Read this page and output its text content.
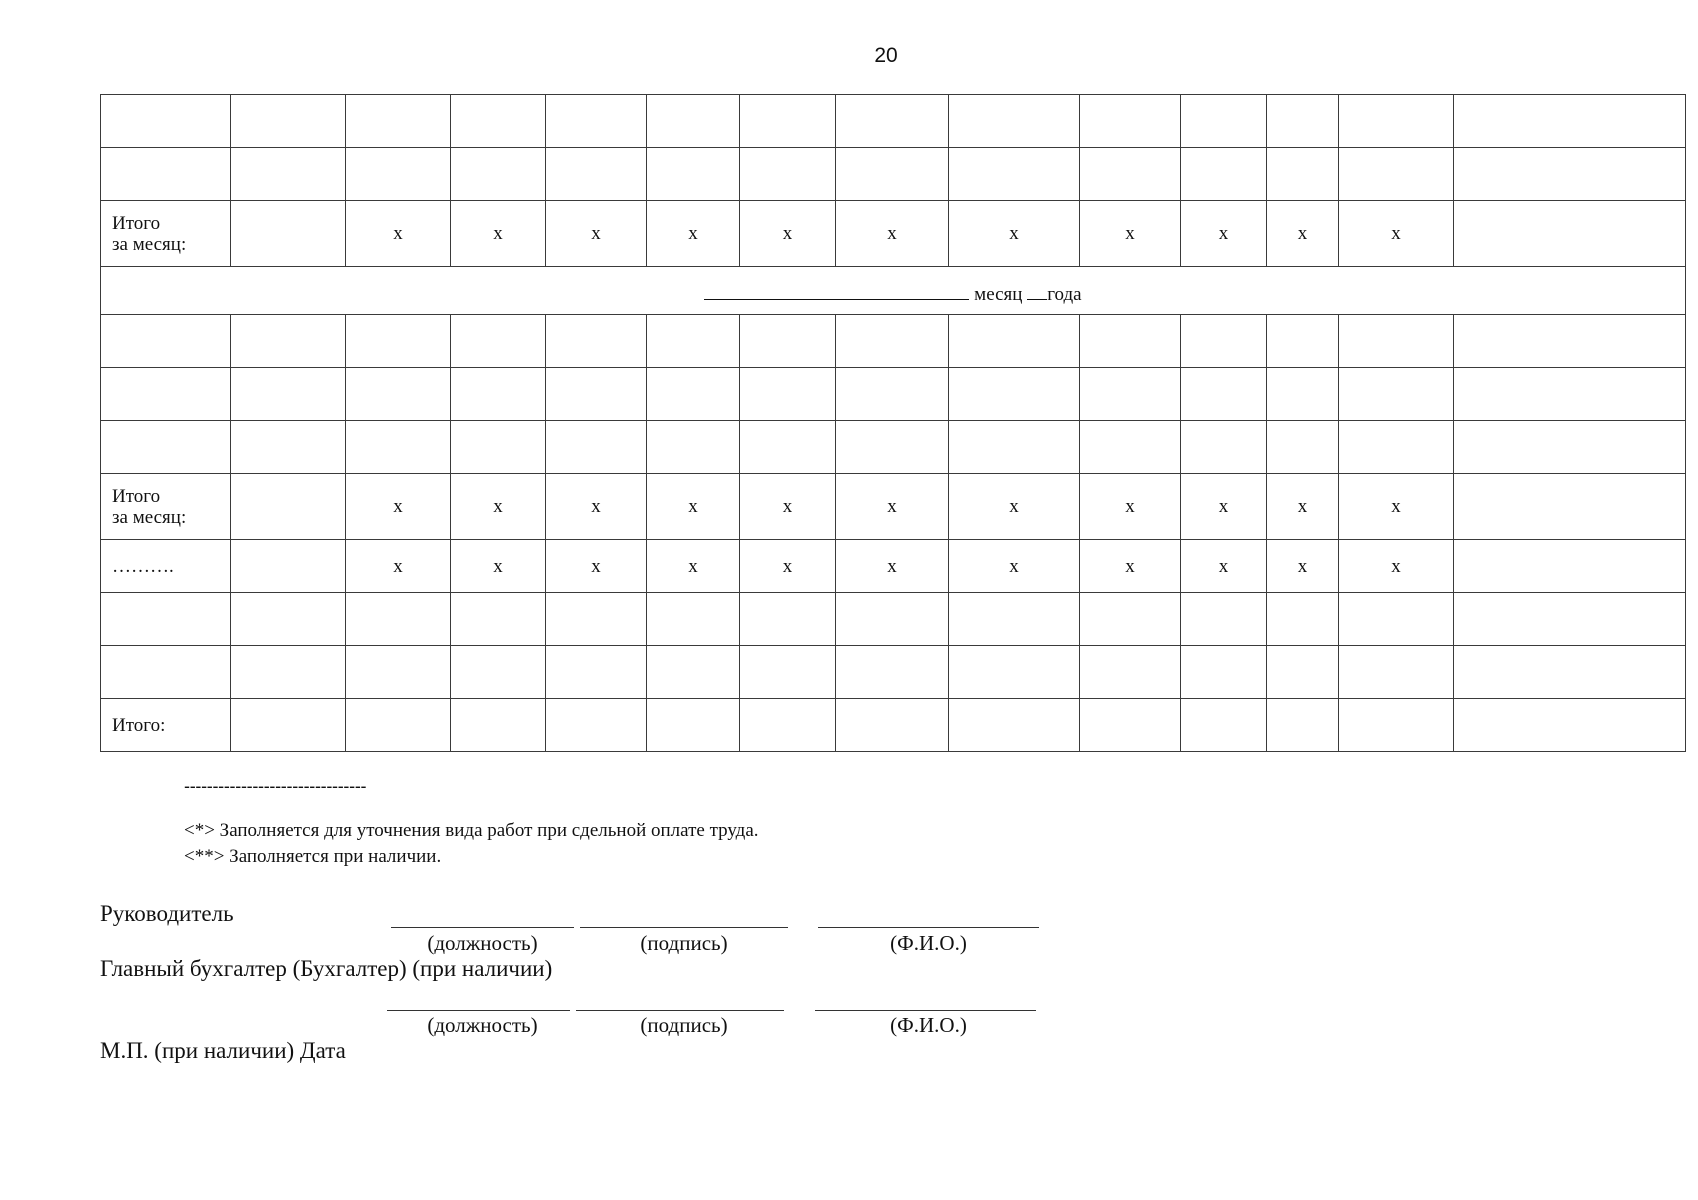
20

Итого
за месяц:		x	x	x	x	x	x	x	x	x	x	x	
месяц года													

Итого
за месяц:		x	x	x	x	x	x	x	x	x	x	x	
……….		x	x	x	x	x	x	x	x	x	x	x	

Итого:													
--------------------------------
<*> Заполняется для уточнения вида работ при сдельной оплате труда.
<**> Заполняется при наличии.
Руководитель
(должность)	(подпись)	(Ф.И.О.)
Главный бухгалтер (Бухгалтер) (при наличии)
(должность)	(подпись)	(Ф.И.О.)
М.П. (при наличии) Дата
